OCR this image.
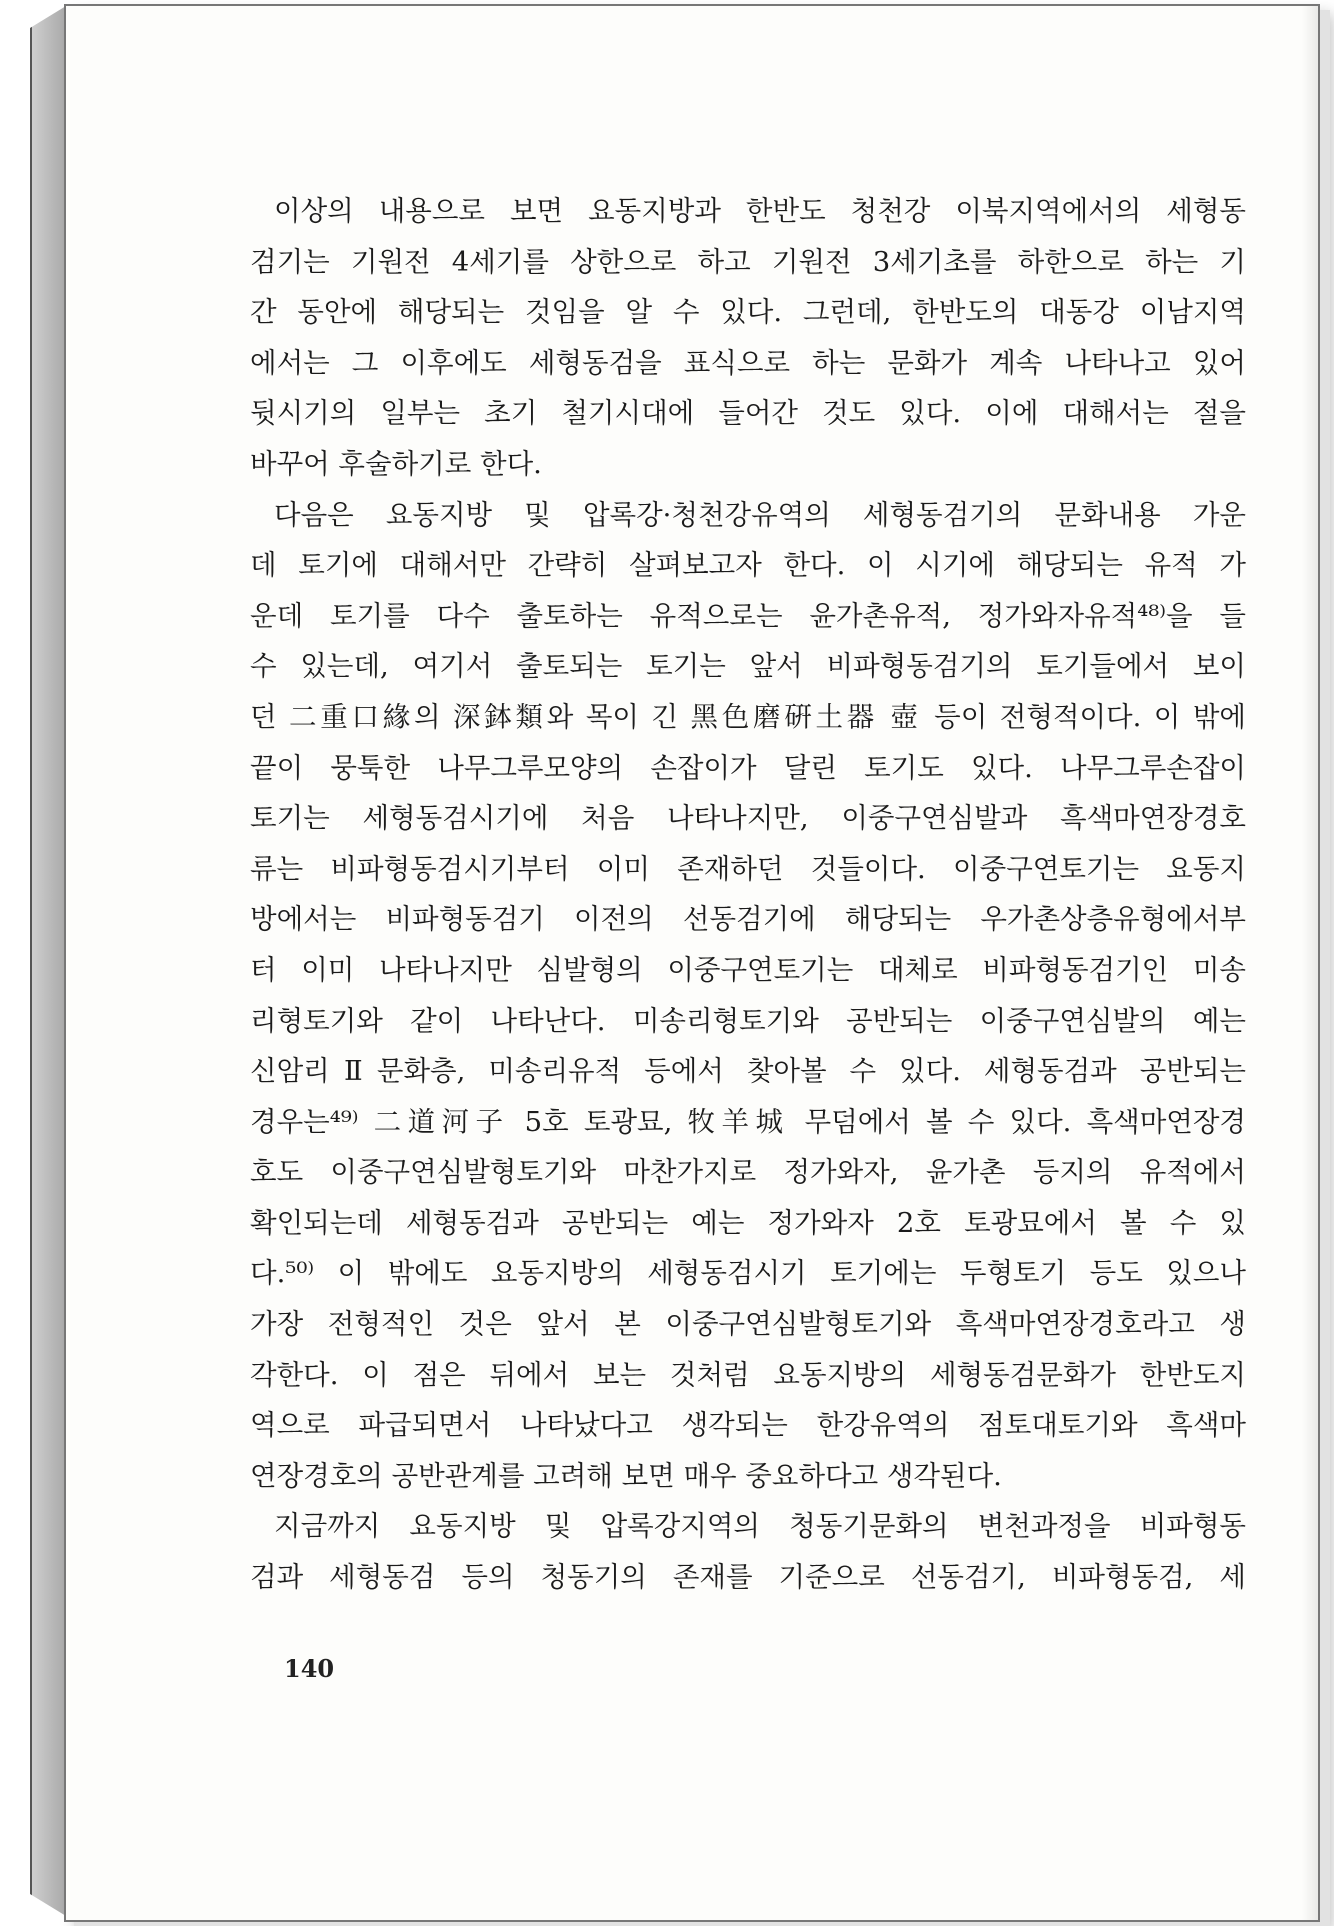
이상의 내용으로 보면 요동지방과 한반도 청천강 이북지역에서의 세형동
검기는 기원전 4세기를 상한으로 하고 기원전 3세기초를 하한으로 하는 기
간 동안에 해당되는 것임을 알 수 있다. 그런데, 한반도의 대동강 이남지역
에서는 그 이후에도 세형동검을 표식으로 하는 문화가 계속 나타나고 있어
뒷시기의 일부는 초기 철기시대에 들어간 것도 있다. 이에 대해서는 절을
바꾸어 후술하기로 한다.
다음은 요동지방 및 압록강·청천강유역의 세형동검기의 문화내용 가운
데 토기에 대해서만 간략히 살펴보고자 한다. 이 시기에 해당되는 유적 가
운데 토기를 다수 출토하는 유적으로는 윤가촌유적, 정가와자유적⁴⁸⁾을 들
수 있는데, 여기서 출토되는 토기는 앞서 비파형동검기의 토기들에서 보이
던 二重口緣의 深鉢類와 목이 긴 黑色磨硏土器 壺 등이 전형적이다. 이 밖에
끝이 뭉툭한 나무그루모양의 손잡이가 달린 토기도 있다. 나무그루손잡이
토기는 세형동검시기에 처음 나타나지만, 이중구연심발과 흑색마연장경호
류는 비파형동검시기부터 이미 존재하던 것들이다. 이중구연토기는 요동지
방에서는 비파형동검기 이전의 선동검기에 해당되는 우가촌상층유형에서부
터 이미 나타나지만 심발형의 이중구연토기는 대체로 비파형동검기인 미송
리형토기와 같이 나타난다. 미송리형토기와 공반되는 이중구연심발의 예는
신암리Ⅱ문화층, 미송리유적 등에서 찾아볼 수 있다. 세형동검과 공반되는
경우는⁴⁹⁾ 二道河子 5호 토광묘, 牧羊城 무덤에서 볼 수 있다. 흑색마연장경
호도 이중구연심발형토기와 마찬가지로 정가와자, 윤가촌 등지의 유적에서
확인되는데 세형동검과 공반되는 예는 정가와자 2호 토광묘에서 볼 수 있
다.⁵⁰⁾ 이 밖에도 요동지방의 세형동검시기 토기에는 두형토기 등도 있으나
가장 전형적인 것은 앞서 본 이중구연심발형토기와 흑색마연장경호라고 생
각한다. 이 점은 뒤에서 보는 것처럼 요동지방의 세형동검문화가 한반도지
역으로 파급되면서 나타났다고 생각되는 한강유역의 점토대토기와 흑색마
연장경호의 공반관계를 고려해 보면 매우 중요하다고 생각된다.
지금까지 요동지방 및 압록강지역의 청동기문화의 변천과정을 비파형동
검과 세형동검 등의 청동기의 존재를 기준으로 선동검기, 비파형동검, 세
140
